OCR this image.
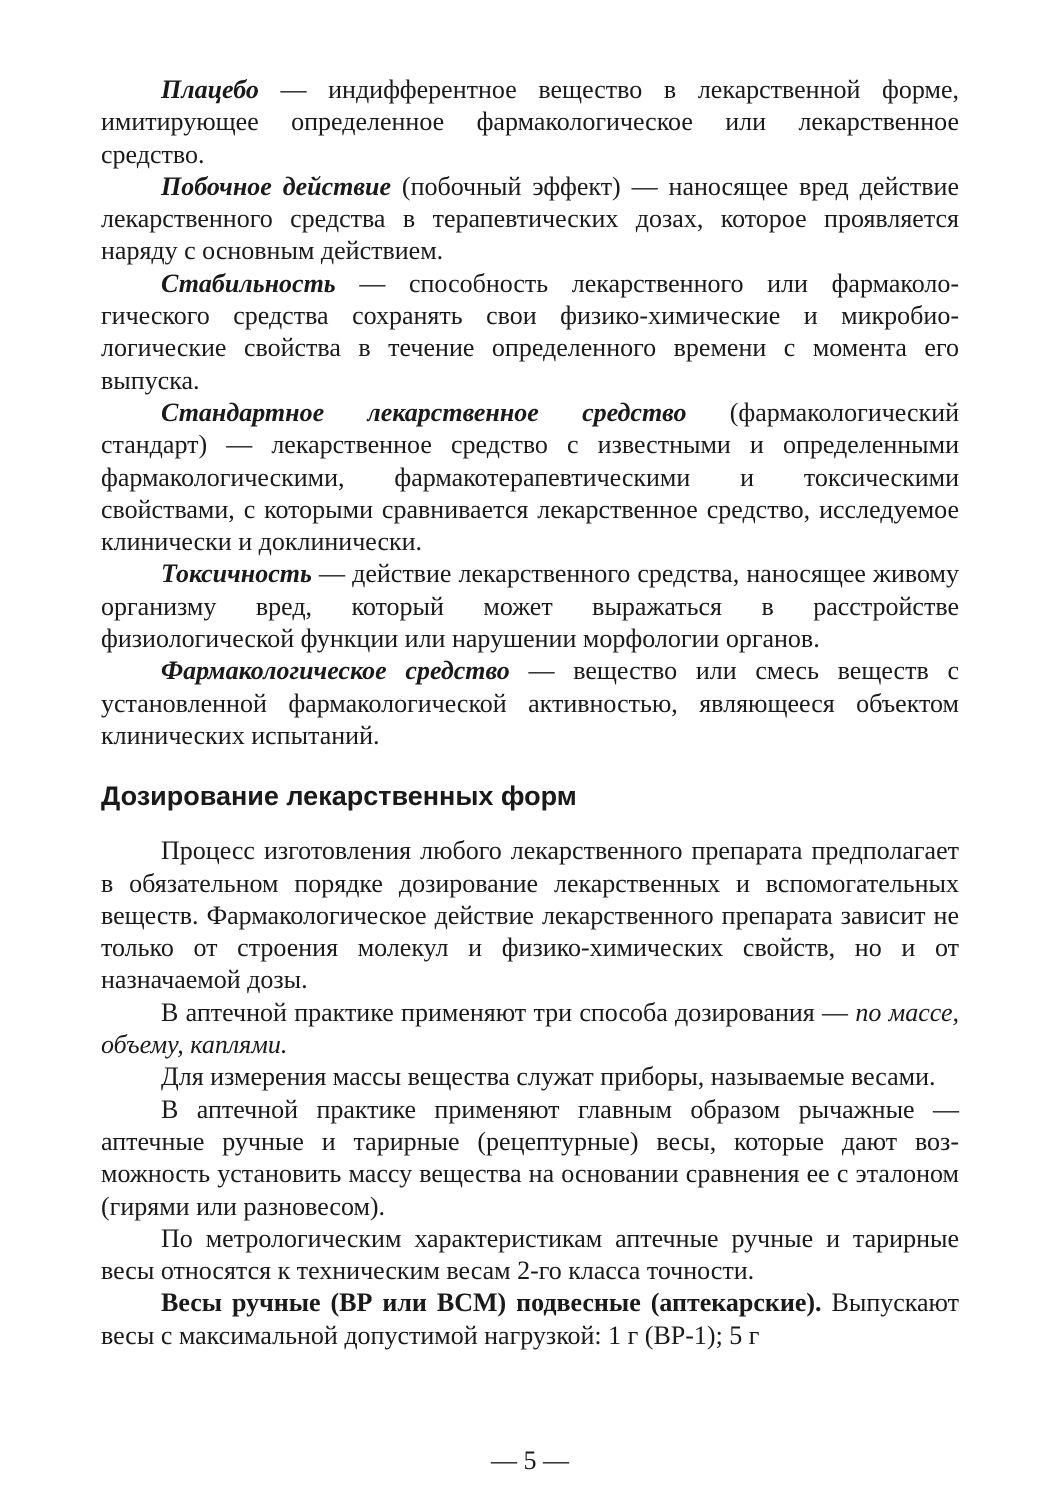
Плацебо — индифферентное вещество в лекарственной форме, имитирующее определенное фармакологическое или лекарственное средство.

Побочное действие (побочный эффект) — наносящее вред действие лекарственного средства в терапевтических дозах, которое проявляется наряду с основным действием.

Стабильность — способность лекарственного или фармакологического средства сохранять свои физико-химические и микробиологические свойства в течение определенного времени с момента его выпуска.

Стандартное лекарственное средство (фармакологический стандарт) — лекарственное средство с известными и определенными фармакологическими, фармакотерапевтическими и токсическими свойствами, с которыми сравнивается лекарственное средство, исследуемое клинически и доклинически.

Токсичность — действие лекарственного средства, наносящее живому организму вред, который может выражаться в расстройстве физиологической функции или нарушении морфологии органов.

Фармакологическое средство — вещество или смесь веществ с установленной фармакологической активностью, являющееся объектом клинических испытаний.

Дозирование лекарственных форм

Процесс изготовления любого лекарственного препарата предполагает в обязательном порядке дозирование лекарственных и вспомогательных веществ. Фармакологическое действие лекарственного препарата зависит не только от строения молекул и физико-химических свойств, но и от назначаемой дозы.

В аптечной практике применяют три способа дозирования — по массе, объему, каплями.

Для измерения массы вещества служат приборы, называемые весами.

В аптечной практике применяют главным образом рычажные — аптечные ручные и тарирные (рецептурные) весы, которые дают возможность установить массу вещества на основании сравнения ее с эталоном (гирями или разновесом).

По метрологическим характеристикам аптечные ручные и тарирные весы относятся к техническим весам 2-го класса точности.

Весы ручные (ВР или ВСМ) подвесные (аптекарские). Выпускают весы с максимальной допустимой нагрузкой: 1 г (ВР-1); 5 г

— 5 —
